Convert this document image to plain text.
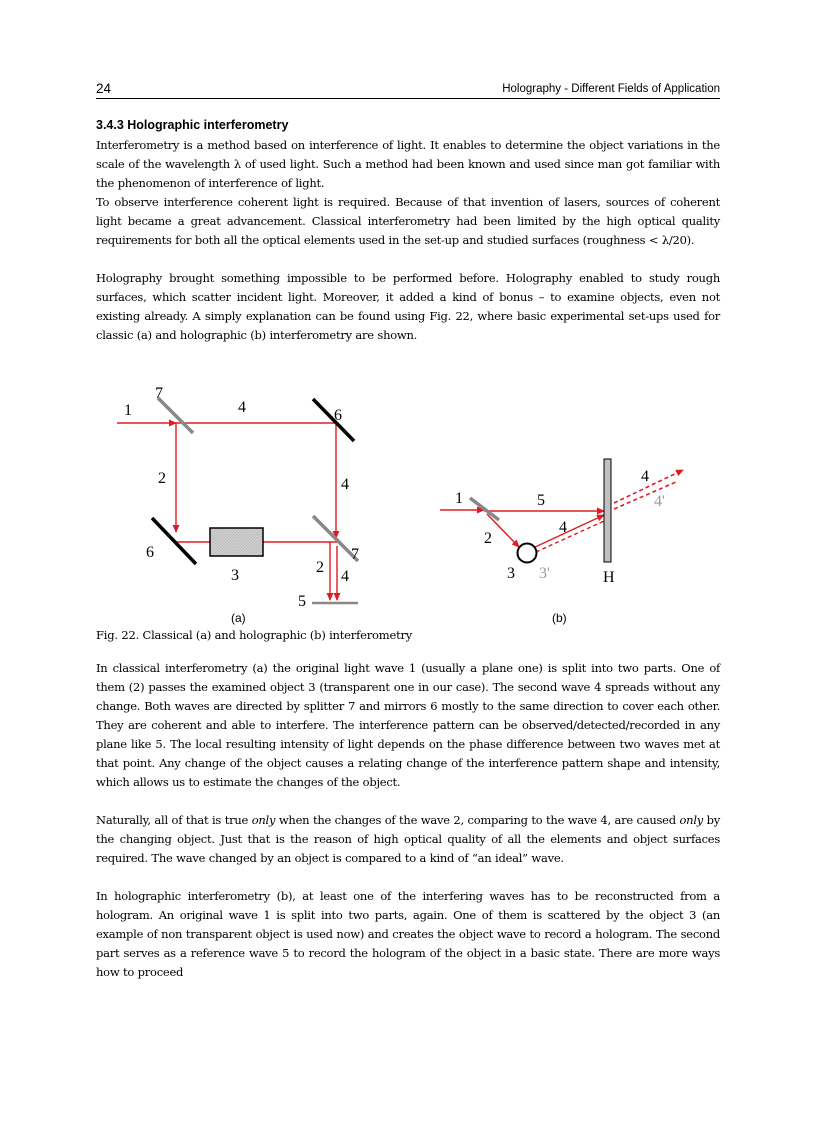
24	Holography - Different Fields of Application
3.4.3 Holographic interferometry

Interferometry is a method based on interference of light. It enables to determine the object variations in the scale of the wavelength λ of used light. Such a method had been known and used since man got familiar with the phenomenon of interference of light.

To observe interference coherent light is required. Because of that invention of lasers, sources of coherent light became a great advancement. Classical interferometry had been limited by the high optical quality requirements for both all the optical elements used in the set-up and studied surfaces (roughness < λ/20).

Holography brought something impossible to be performed before. Holography enabled to study rough surfaces, which scatter incident light. Moreover, it added a kind of bonus – to examine objects, even not existing already. A simply explanation can be found using Fig. 22, where basic experimental set-ups used for classic (a) and holographic (b) interferometry are shown.

1
7
4	6
2	4
6
3	2
7
4
5
(a)
1	5
2
4
3 3'
4
4'
H
(b)
Fig. 22. Classical (a) and holographic (b) interferometry

In classical interferometry (a) the original light wave 1 (usually a plane one) is split into two parts. One of them (2) passes the examined object 3 (transparent one in our case). The second wave 4 spreads without any change. Both waves are directed by splitter 7 and mirrors 6 mostly to the same direction to cover each other. They are coherent and able to interfere. The interference pattern can be observed/detected/recorded in any plane like 5. The local resulting intensity of light depends on the phase difference between two waves met at that point. Any change of the object causes a relating change of the interference pattern shape and intensity, which allows us to estimate the changes of the object.

Naturally, all of that is true only when the changes of the wave 2, comparing to the wave 4, are caused only by the changing object. Just that is the reason of high optical quality of all the elements and object surfaces required. The wave changed by an object is compared to a kind of “an ideal” wave.

In holographic interferometry (b), at least one of the interfering waves has to be reconstructed from a hologram. An original wave 1 is split into two parts, again. One of them is scattered by the object 3 (an example of non transparent object is used now) and creates the object wave to record a hologram. The second part serves as a reference wave 5 to record the hologram of the object in a basic state. There are more ways how to proceed
